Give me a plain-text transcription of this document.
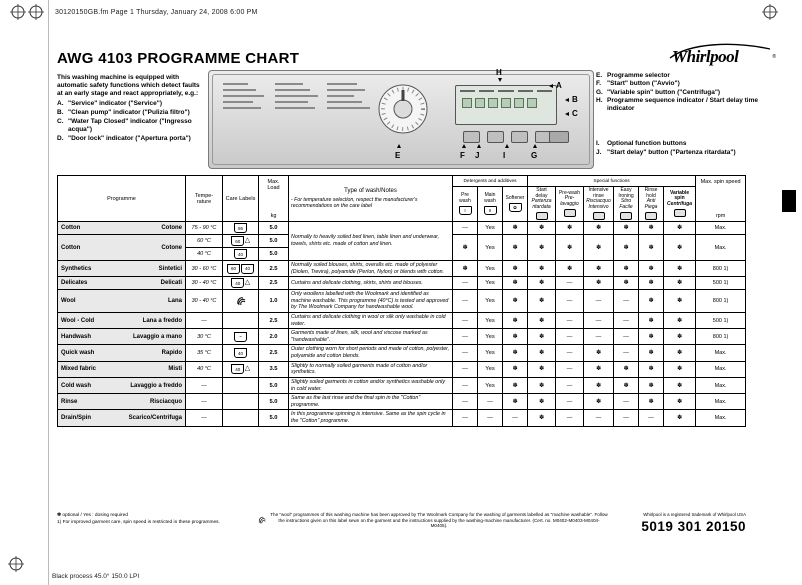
30120150GB.fm Page 1 Thursday, January 24, 2008 6:00 PM
AWG 4103 PROGRAMME CHART
This washing machine is equipped with automatic safety functions which detect faults at an early stage and react appropriately, e.g.:
A. "Service" indicator ("Service")
B. "Clean pump" indicator ("Pulizia filtro")
C. "Water Tap Closed" indicator ("Ingresso acqua")
D. "Door lock" indicator ("Apertura porta")
Whirlpool	®
H
A
B
C
E	F J	I	G
E. Programme selector
F. "Start" button ("Avvio")
G. "Variable spin" button ("Centrifuga")
H. Programme sequence indicator / Start delay time indicator
I.	Optional function buttons
J. "Start delay" button ("Partenza ritardata")
Programme	Tempe-rature	Care Labels	
Max. Load
kg

Type of wash/Notes
- For temperature selection, respect the manufacturer's recommendations on the care label
	Detergents and additives	Special functions	Max. spin speed
rpm

Pre wash
I	
Main wash
II	
Softener
✿	
Start delay
Partenza ritardata

Pre-wash
Pre-lavaggio

Intensive rinse
Risciacquo Intensivo

Easy Ironing
Stiro Facile

Rinse hold
Anti Piega

Variable spin
Centrifuga

Cotton Cotone	75 - 90 °C	95	5.0	Normally to heavily soiled bed linen, table linen and underwear, towels, shirts etc. made of cotton and linen.	—	Yes	✽	✽	✽	✽	✽	✽	✽	Max.

Cotton Cotone	60 °C	60 △	5.0		✽	Yes	✽	✽	✽	✽	✽	✽	✽	Max.
	40 °C	40	5.0											

Synthetics Sintetici	30 - 60 °C	60 40	2.5	Normally soiled blouses, shirts, overalls etc. made of polyester (Diolen, Trevira), polyamide (Perlon, Nylon) or blends with cotton.	✽	Yes	✽	✽	✽	✽	✽	✽	✽	800 1)

Delicates Delicati	30 - 40 °C	40 △	2.5	Curtains and delicate clothing, skirts, shirts and blouses.	—	Yes	✽	✽	—	✽	✽	✽	✽	500 1)

Wool Lana	30 - 40 °C		1.0	Only woollens labelled with the Woolmark and identified as machine washable. This programme (40°C) is tested and approved by The Woolmark Company for handwashable wool.	—	Yes	✽	✽	—	—	—	✽	✽	800 1)

Wool - Cold Lana a freddo	—		2.5	Curtains and delicate clothing in wool or silk only washable in cold water.	—	Yes	✽	✽	—	—	—	✽	✽	500 1)

Handwash Lavaggio a mano	30 °C	~	2.0	Garments made of linen, silk, wool and viscose marked as "handwashable".	—	Yes	✽	✽	—	—	—	✽	✽	800 1)

Quick wash Rapido	35 °C	40	2.5	Outer clothing worn for short periods and made of cotton, polyester, polyamide and cotton blends.	—	Yes	✽	✽	—	✽	—	✽	✽	Max.

Mixed fabric Misti	40 °C	40 △	3.5	Slightly to normally soiled garments made of cotton and/or synthetics.	—	Yes	✽	✽	—	✽	✽	✽	✽	Max.

Cold wash Lavaggio a freddo	—		5.0	Slightly soiled garments in cotton and/or synthetics washable only in cold water.	—	Yes	✽	✽	—	✽	✽	✽	✽	Max.

Rinse Risciacquo	—		5.0	Same as the last rinse and the final spin in the "Cotton" programme.	—	—	✽	✽	—	✽	—	✽	✽	Max.

Drain/Spin Scarico/Centrifuga	—		5.0	In this programme spinning is intensive. Same as the spin cycle in the "Cotton" programme.	—	—	—	✽	—	—	—	—	✽	Max.
✽ optional / Yes : dosing required
1) For improved garment care, spin speed is restricted in these programmes.
The "wool" programmes of this washing machine has been approved by The Woolmark Company for the washing of garments labelled as "machine washable". Follow the instructions given on this label sewn on the garment and the instructions supplied by the washing-machine manufacturer. (Cert. no. M0402-M0403-M0404-M0405).
Whirlpool is a registered trademark of Whirlpool USA
5019 301 20150
Black process 45.0° 150.0 LPI
